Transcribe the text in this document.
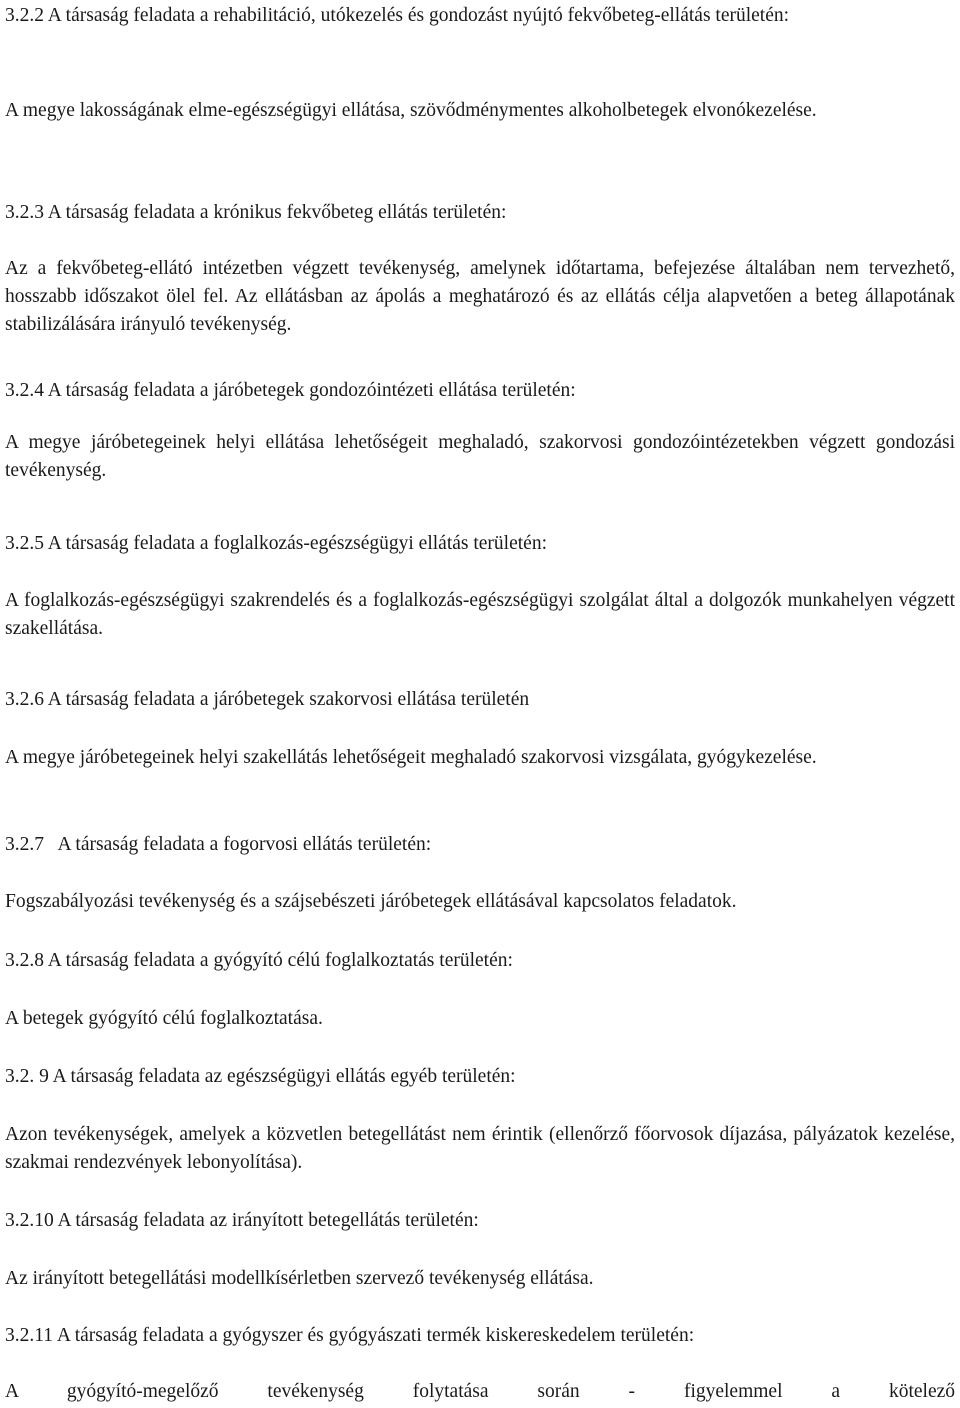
3.2.2 A társaság feladata a rehabilitáció, utókezelés és gondozást nyújtó fekvőbeteg-ellátás területén:

A megye lakosságának elme-egészségügyi ellátása, szövődménymentes alkoholbetegek elvonókezelése.

3.2.3 A társaság feladata a krónikus fekvőbeteg ellátás területén:

Az a fekvőbeteg-ellátó intézetben végzett tevékenység, amelynek időtartama, befejezése általában nem tervezhető, hosszabb időszakot ölel fel. Az ellátásban az ápolás a meghatározó és az ellátás célja alapvetően a beteg állapotának stabilizálására irányuló tevékenység.

3.2.4 A társaság feladata a járóbetegek gondozóintézeti ellátása területén:

A megye járóbetegeinek helyi ellátása lehetőségeit meghaladó, szakorvosi gondozóintézetekben végzett gondozási tevékenység.

3.2.5 A társaság feladata a foglalkozás-egészségügyi ellátás területén:

A foglalkozás-egészségügyi szakrendelés és a foglalkozás-egészségügyi szolgálat által a dolgozók munkahelyen végzett szakellátása.

3.2.6 A társaság feladata a járóbetegek szakorvosi ellátása területén

A megye járóbetegeinek helyi szakellátás lehetőségeit meghaladó szakorvosi vizsgálata, gyógykezelése.

3.2.7   A társaság feladata a fogorvosi ellátás területén:

Fogszabályozási tevékenység és a szájsebészeti járóbetegek ellátásával kapcsolatos feladatok.

3.2.8 A társaság feladata a gyógyító célú foglalkoztatás területén:

A betegek gyógyító célú foglalkoztatása.

3.2. 9 A társaság feladata az egészségügyi ellátás egyéb területén:

Azon tevékenységek, amelyek a közvetlen betegellátást nem érintik (ellenőrző főorvosok díjazása, pályázatok kezelése, szakmai rendezvények lebonyolítása).

3.2.10 A társaság feladata az irányított betegellátás területén:

Az irányított betegellátási modellkísérletben szervező tevékenység ellátása.

3.2.11 A társaság feladata a gyógyszer és gyógyászati termék kiskereskedelem területén:

A gyógyító-megelőző tevékenység folytatása során - figyelemmel a kötelező
